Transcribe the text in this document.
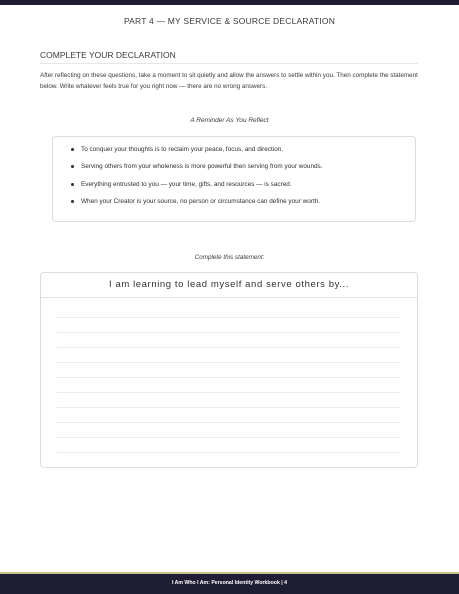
PART 4 — MY SERVICE & SOURCE DECLARATION
COMPLETE YOUR DECLARATION
After reflecting on these questions, take a moment to sit quietly and allow the answers to settle within you. Then complete the statement below. Write whatever feels true for you right now — there are no wrong answers.
A Reminder As You Reflect
To conquer your thoughts is to reclaim your peace, focus, and direction.
Serving others from your wholeness is more powerful then serving from your wounds.
Everything entrusted to you — your time, gifts, and resources — is sacred.
When your Creator is your source, no person or circumstance can define your worth.
Complete this statement:
I am learning to lead myself and serve others by...
I Am Who I Am: Personal Identity Workbook | 4
